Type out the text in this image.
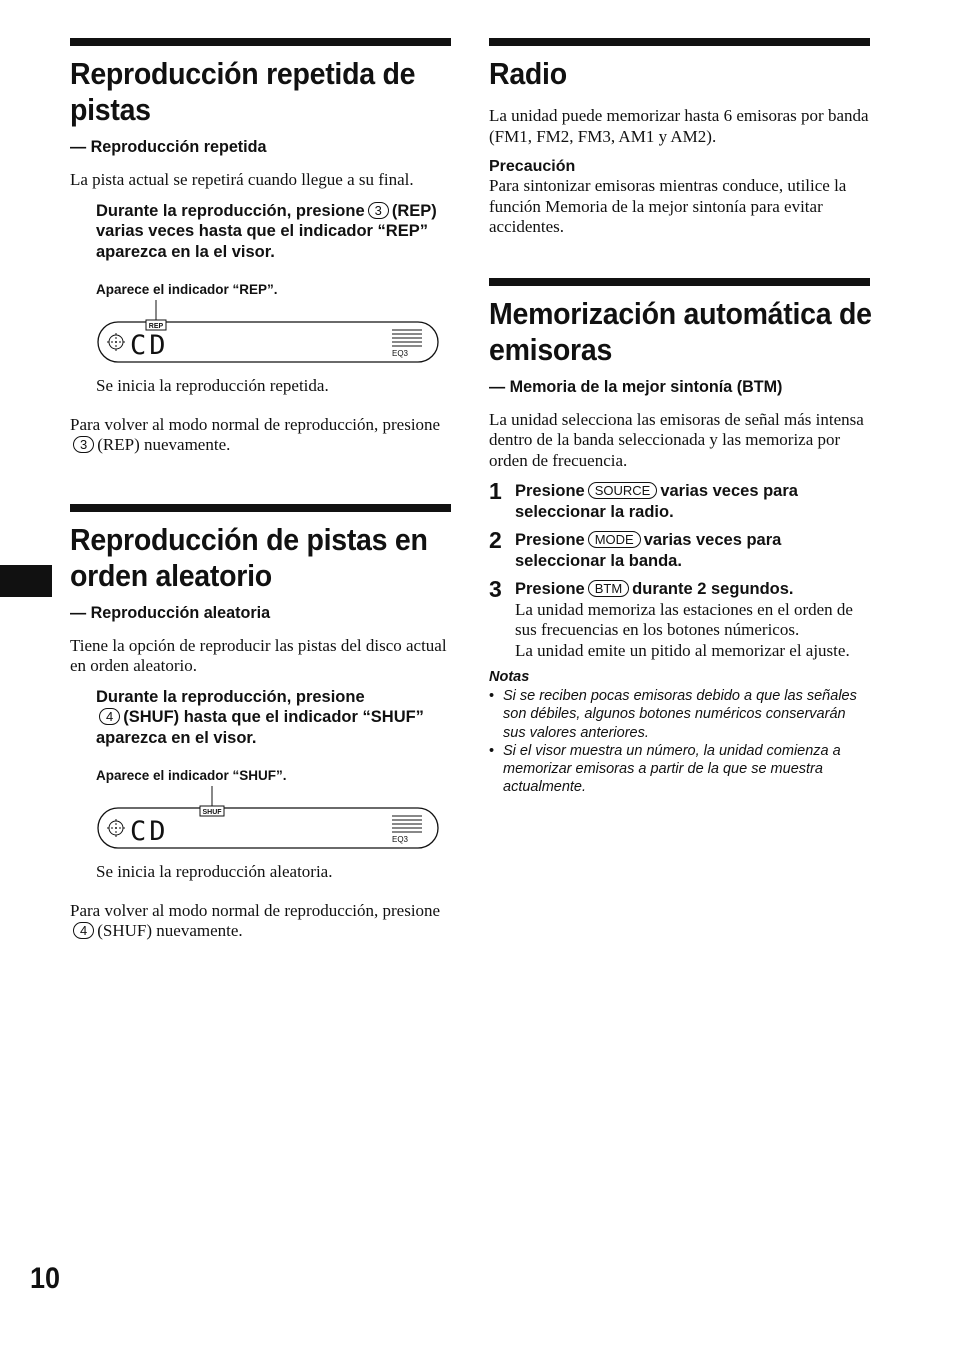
10
Reproducción repetida de
pistas
— Reproducción repetida

La pista actual se repetirá cuando llegue a su final.

Durante la reproducción, presione 3 (REP) varias veces hasta que el indicador “REP” aparezca en la el visor.
Aparece el indicador “REP”.
REP
CD	EQ3
Se inicia la reproducción repetida.

Para volver al modo normal de reproducción, presione3 (REP) nuevamente.

Reproducción de pistas en
orden aleatorio
— Reproducción aleatoria

Tiene la opción de reproducir las pistas del disco actual en orden aleatorio.

Durante la reproducción, presione
4 (SHUF) hasta que el indicador “SHUF” aparezca en el visor.
Aparece el indicador “SHUF”.
SHUF
CD	EQ3
Se inicia la reproducción aleatoria.

Para volver al modo normal de reproducción, presione4 (SHUF) nuevamente.

Radio

La unidad puede memorizar hasta 6 emisoras por banda (FM1, FM2, FM3, AM1 y AM2).

Precaución

Para sintonizar emisoras mientras conduce, utilice la función Memoria de la mejor sintonía para evitar accidentes.

Memorización automática de
emisoras
— Memoria de la mejor sintonía (BTM)

La unidad selecciona las emisoras de señal más intensa dentro de la banda seleccionada y las memoriza por orden de frecuencia.

1 Presione SOURCE varias veces para seleccionar la radio.
2 Presione MODE varias veces para seleccionar la banda.
3 Presione BTM durante 2 segundos.
La unidad memoriza las estaciones en el orden de sus frecuencias en los botones númericos.
La unidad emite un pitido al memorizar el ajuste.
Notas
• Si se reciben pocas emisoras debido a que las señales son débiles, algunos botones numéricos conservarán sus valores anteriores.
• Si el visor muestra un número, la unidad comienza a memorizar emisoras a partir de la que se muestra actualmente.
